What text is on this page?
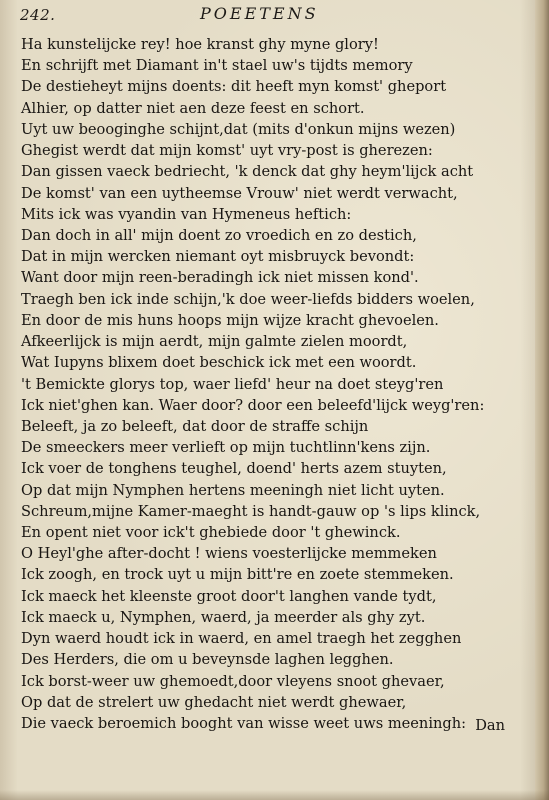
242.	POEETENS
Ha kunstelijcke rey! hoe kranst ghy myne glory!
En schrijft met Diamant in't stael uw's tijdts memory
De destieheyt mijns doents: dit heeft myn komst' gheport
Alhier, op datter niet aen deze feest en schort.
Uyt uw beooginghe schijnt,dat (mits d'onkun mijns wezen)
Ghegist werdt dat mijn komst' uyt vry-post is gherezen:
Dan gissen vaeck bedriecht, 'k denck dat ghy heym'lijck acht
De komst' van een uytheemse Vrouw' niet werdt verwacht,
Mits ick was vyandin van Hymeneus heftich:
Dan doch in all' mijn doent zo vroedich en zo destich,
Dat in mijn wercken niemant oyt misbruyck bevondt:
Want door mijn reen-beradingh ick niet missen kond'.
Traegh ben ick inde schijn,'k doe weer-liefds bidders woelen,
En door de mis huns hoops mijn wijze kracht ghevoelen.
Afkeerlijck is mijn aerdt, mijn galmte zielen moordt,
Wat Iupyns blixem doet beschick ick met een woordt.
't Bemickte glorys top, waer liefd' heur na doet steyg'ren
Ick niet'ghen kan. Waer door? door een beleefd'lijck weyg'ren:
Beleeft, ja zo beleeft, dat door de straffe schijn
De smeeckers meer verlieft op mijn tuchtlinn'kens zijn.
Ick voer de tonghens teughel, doend' herts azem stuyten,
Op dat mijn Nymphen hertens meeningh niet licht uyten.
Schreum,mijne Kamer-maeght is handt-gauw op 's lips klinck,
En opent niet voor ick't ghebiede door 't ghewinck.
O Heyl'ghe after-docht ! wiens voesterlijcke memmeken
Ick zoogh, en trock uyt u mijn bitt're en zoete stemmeken.
Ick maeck het kleenste groot door't langhen vande tydt,
Ick maeck u, Nymphen, waerd, ja meerder als ghy zyt.
Dyn waerd houdt ick in waerd, en amel traegh het zegghen
Des Herders, die om u beveynsde laghen legghen.
Ick borst-weer uw ghemoedt,door vleyens snoot ghevaer,
Op dat de strelert uw ghedacht niet werdt ghewaer,
Die vaeck beroemich booght van wisse weet uws meeningh: Dan
